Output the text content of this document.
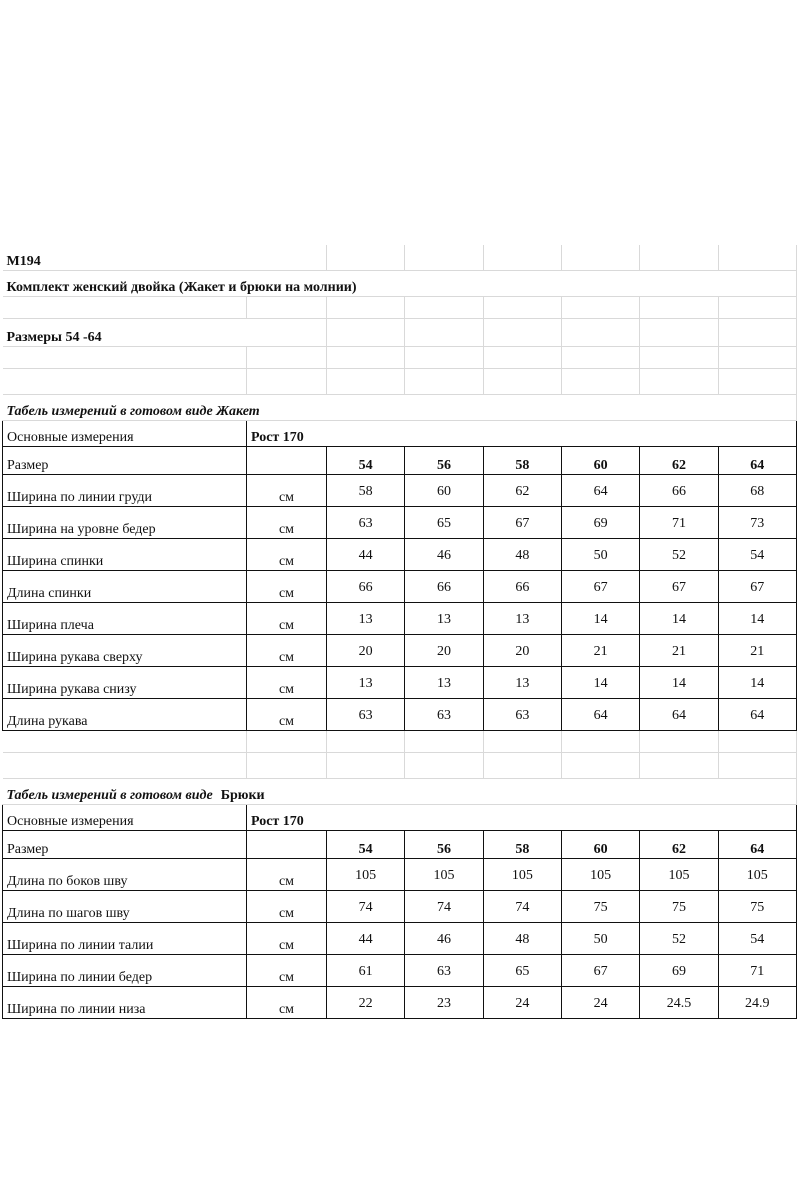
М194							
Комплект женский двойка (Жакет и брюки на молнии)							

Размеры 54 -64							

Табель измерений в готовом виде Жакет							
Основные измерения	Рост 170						
Размер		54	56	58	60	62	64
Ширина по линии груди	см	58	60	62	64	66	68
Ширина на уровне бедер	см	63	65	67	69	71	73
Ширина спинки	см	44	46	48	50	52	54
Длина спинки	см	66	66	66	67	67	67
Ширина плеча	см	13	13	13	14	14	14
Ширина рукава сверху	см	20	20	20	21	21	21
Ширина рукава снизу	см	13	13	13	14	14	14
Длина рукава	см	63	63	63	64	64	64

Табель измерений в готовом виде Брюки							
Основные измерения	Рост 170						
Размер		54	56	58	60	62	64
Длина по боков шву	см	105	105	105	105	105	105
Длина по шагов шву	см	74	74	74	75	75	75
Ширина по линии талии	см	44	46	48	50	52	54
Ширина по линии бедер	см	61	63	65	67	69	71
Ширина по линии низа	см	22	23	24	24	24.5	24.9
